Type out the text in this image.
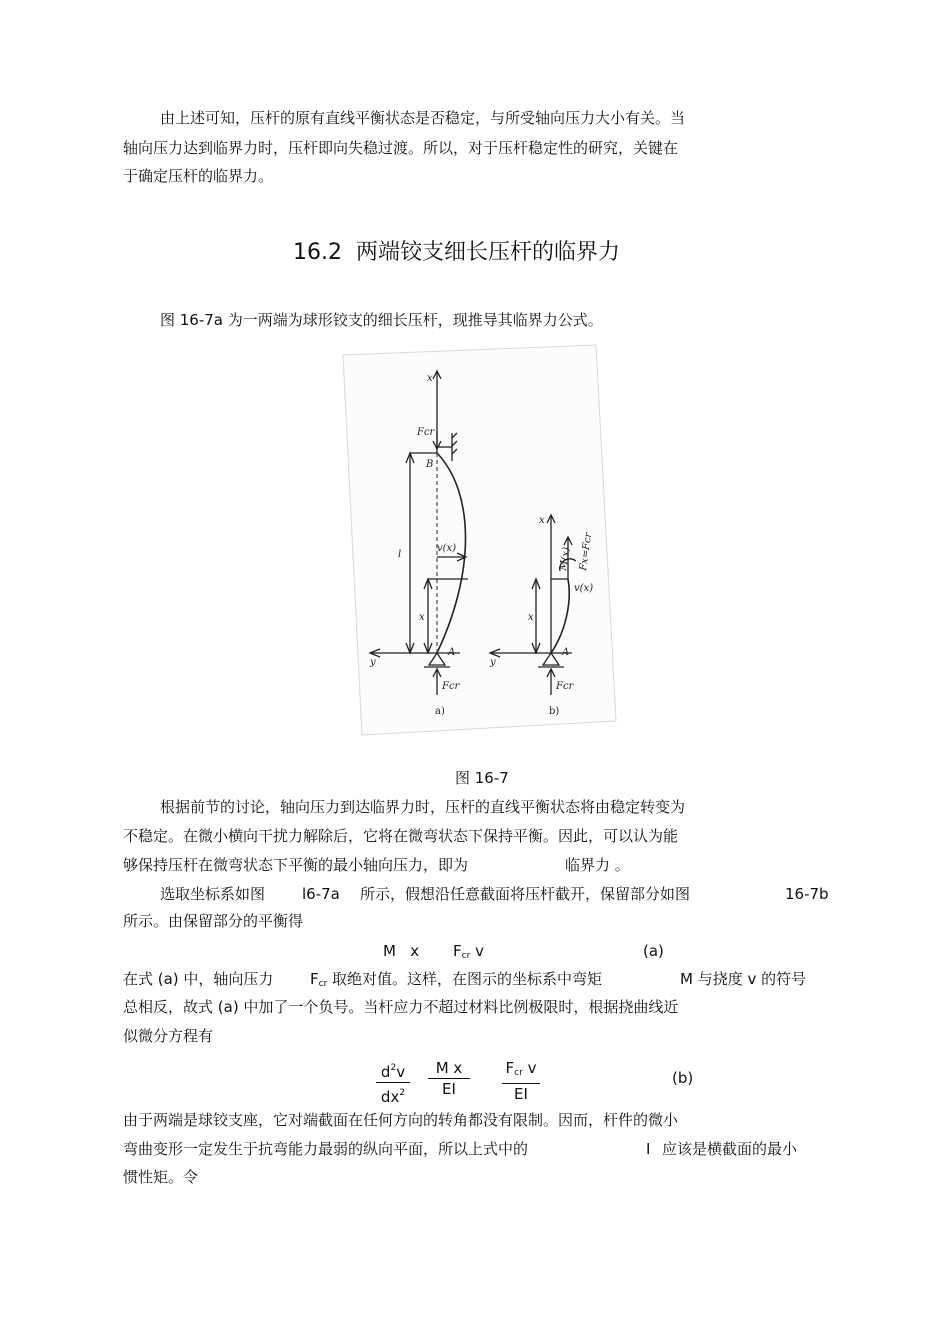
由上述可知，压杆的原有直线平衡状态是否稳定，与所受轴向压力大小有关。当
轴向压力达到临界力时，压杆即向失稳过渡。所以，对于压杆稳定性的研究，关键在
于确定压杆的临界力。
16.2 两端铰支细长压杆的临界力
图 16-7a 为一两端为球形铰支的细长压杆，现推导其临界力公式。
x
Fcr
B
l
v(x)
x
y
A
Fcr
a)
x
M(x) Fx=Fcr
v(x)
x
y
A
Fcr
b)
图 16-7
根据前节的讨论，轴向压力到达临界力时，压杆的直线平衡状态将由稳定转变为
不稳定。在微小横向干扰力解除后，它将在微弯状态下保持平衡。因此，可以认为能
够保持压杆在微弯状态下平衡的最小轴向压力，即为	临界力 。
选取坐标系如图 l6-7a 所示，假想沿任意截面将压杆截开，保留部分如图	16-7b
所示。由保留部分的平衡得
M x $F_{cr}$ v	(a)
在式 (a) 中，轴向压力 $F_{cr}$ 取绝对值。这样，在图示的坐标系中弯矩	M 与挠度 v 的符号
总相反，故式 (a) 中加了一个负号。当杆应力不超过材料比例极限时，根据挠曲线近
似微分方程有
$d^2v$
$dx^2$
M x
EI
$F_{cr}$ v
EI
(b)
由于两端是球铰支座，它对端截面在任何方向的转角都没有限制。因而，杆件的微小
弯曲变形一定发生于抗弯能力最弱的纵向平面，所以上式中的	I 应该是横截面的最小
惯性矩。令
